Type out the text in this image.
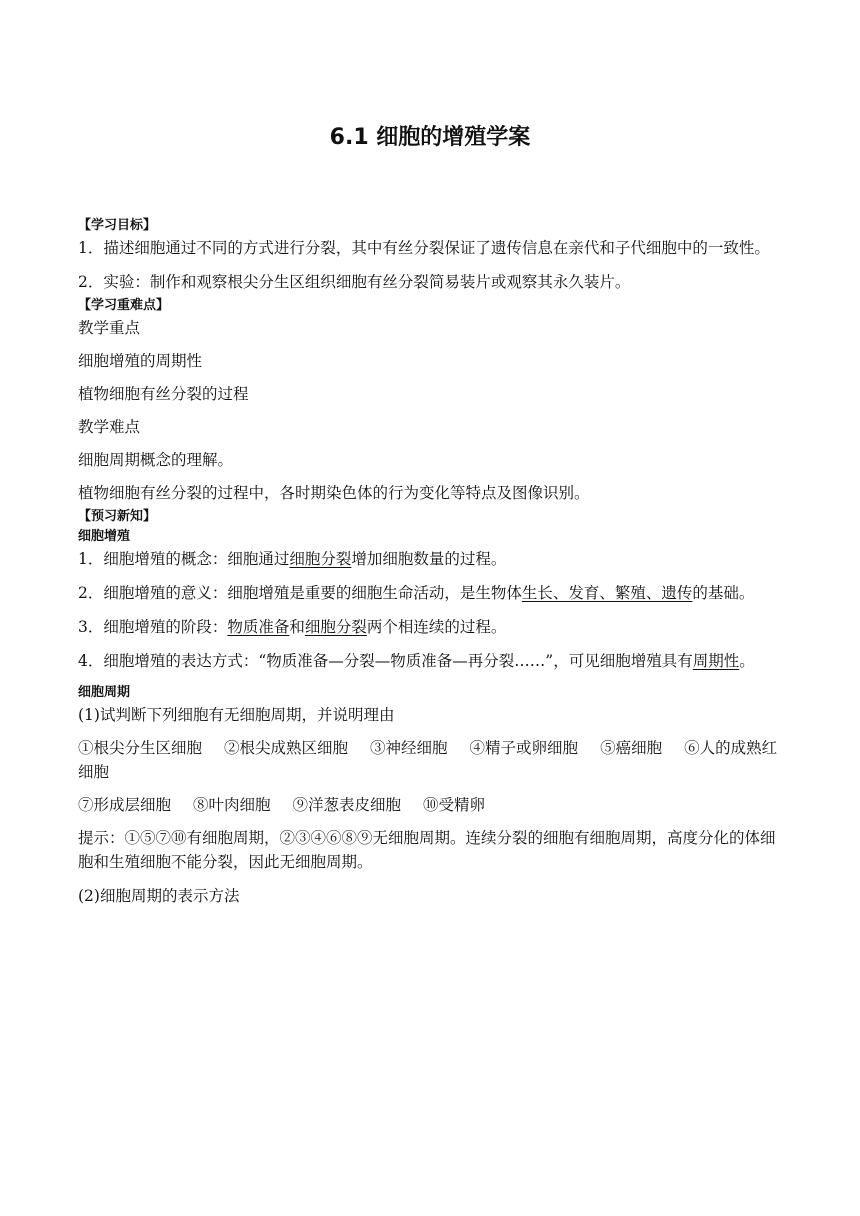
6.1 细胞的增殖学案
【学习目标】

1．描述细胞通过不同的方式进行分裂，其中有丝分裂保证了遗传信息在亲代和子代细胞中的一致性。

2．实验：制作和观察根尖分生区组织细胞有丝分裂简易装片或观察其永久装片。

【学习重难点】

教学重点

细胞增殖的周期性

植物细胞有丝分裂的过程

教学难点

细胞周期概念的理解。

植物细胞有丝分裂的过程中，各时期染色体的行为变化等特点及图像识别。

【预习新知】
细胞增殖

1．细胞增殖的概念：细胞通过细胞分裂增加细胞数量的过程。

2．细胞增殖的意义：细胞增殖是重要的细胞生命活动，是生物体生长、发育、繁殖、遗传的基础。

3．细胞增殖的阶段：物质准备和细胞分裂两个相连续的过程。

4．细胞增殖的表达方式：“物质准备—分裂—物质准备—再分裂……”，可见细胞增殖具有周期性。

细胞周期

(1)试判断下列细胞有无细胞周期，并说明理由

①根尖分生区细胞 ②根尖成熟区细胞 ③神经细胞 ④精子或卵细胞 ⑤癌细胞 ⑥人的成熟红细胞

⑦形成层细胞 ⑧叶肉细胞 ⑨洋葱表皮细胞 ⑩受精卵

提示：①⑤⑦⑩有细胞周期，②③④⑥⑧⑨无细胞周期。连续分裂的细胞有细胞周期，高度分化的体细胞和生殖细胞不能分裂，因此无细胞周期。

(2)细胞周期的表示方法
